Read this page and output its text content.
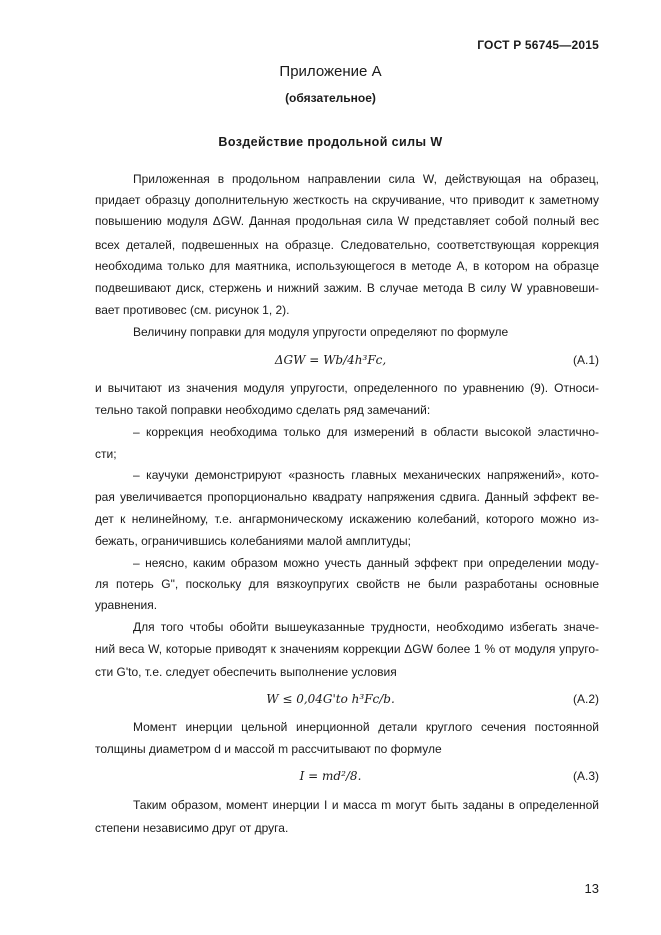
ГОСТ Р 56745—2015
Приложение А
(обязательное)
Воздействие продольной силы W
Приложенная в продольном направлении сила W, действующая на образец,
придает образцу дополнительную жесткость на скручивание, что приводит к заметному
повышению модуля ΔGW. Данная продольная сила W представляет собой полный вес
всех деталей, подвешенных на образце. Следовательно, соответствующая коррекция
необходима только для маятника, использующегося в методе А, в котором на образце
подвешивают диск, стержень и нижний зажим. В случае метода В силу W уравновеши-
вает противовес (см. рисунок 1, 2).
Величину поправки для модуля упругости определяют по формуле
ΔGW = Wb/4h³Fc,	(A.1)
и вычитают из значения модуля упругости, определенного по уравнению (9). Относи-
тельно такой поправки необходимо сделать ряд замечаний:
– коррекция необходима только для измерений в области высокой эластично-
сти;
– каучуки демонстрируют «разность главных механических напряжений», кото-
рая увеличивается пропорционально квадрату напряжения сдвига. Данный эффект ве-
дет к нелинейному, т.е. ангармоническому искажению колебаний, которого можно из-
бежать, ограничившись колебаниями малой амплитуды;
– неясно, каким образом можно учесть данный эффект при определении моду-
ля потерь G", поскольку для вязкоупругих свойств не были разработаны основные
уравнения.
Для того чтобы обойти вышеуказанные трудности, необходимо избегать значе-
ний веса W, которые приводят к значениям коррекции ΔGW более 1 % от модуля упруго-
сти G'tο, т.е. следует обеспечить выполнение условия
W ≤ 0,04G'tο h³Fc/b.	(A.2)
Момент инерции цельной инерционной детали круглого сечения постоянной
толщины диаметром d и массой m рассчитывают по формуле
I = md²/8.	(A.3)
Таким образом, момент инерции I и масса m могут быть заданы в определенной
степени независимо друг от друга.
13
